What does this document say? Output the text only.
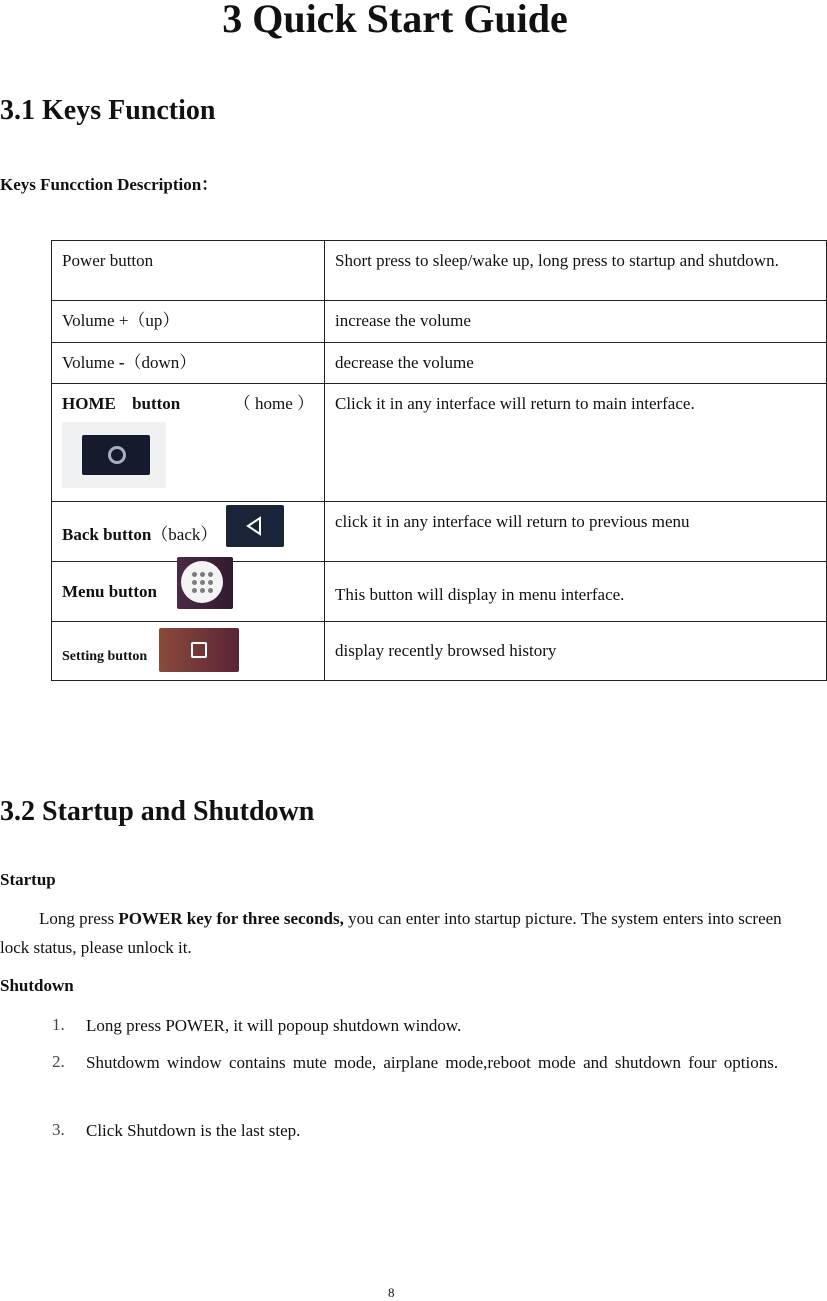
3 Quick Start Guide
3.1 Keys Function
Keys Funcction Description：
Power button	Short press to sleep/wake up, long press to startup and shutdown.
Volume +（up）	increase the volume
Volume -（down）	decrease the volume

HOME button （ home ）	Click it in any interface will return to main interface.
Back button（back）	click it in any interface will return to previous menu
Menu button	This button will display in menu interface.
Setting button	display recently browsed history
3.2 Startup and Shutdown
Startup

Long press POWER key for three seconds, you can enter into startup picture. The system enters into screen lock status, please unlock it.

Shutdown
1. Long press POWER, it will popoup shutdown window.
2. Shutdowm window contains mute mode, airplane mode,reboot mode and shutdown four options.
3. Click Shutdown is the last step.
8
